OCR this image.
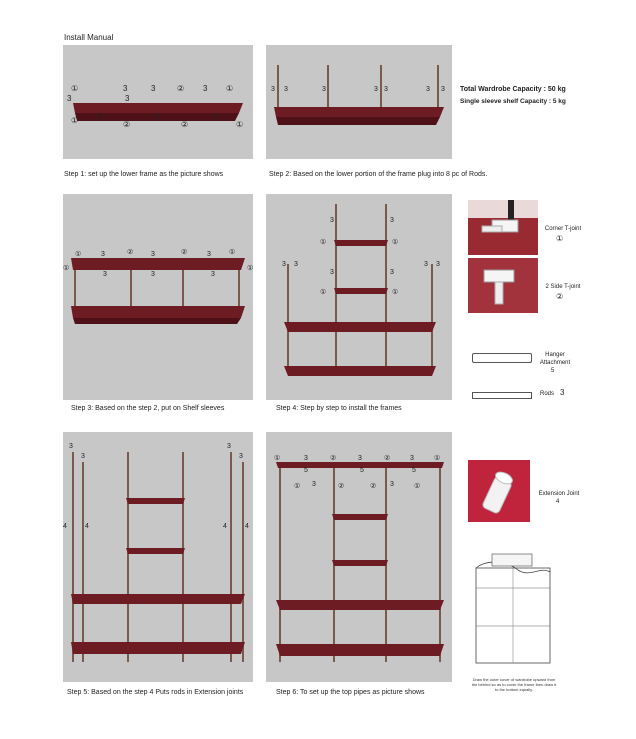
Install Manual
①	3	3	② 3 ①
① 3
②
3
②
3
①
3	3
3 3	3	3 3	3 3 Total Wardrobe Capacity : 50 kg
Single sleeve shelf Capacity : 5 kg
Step 1: set up the lower frame as the picture shows	Step 2: Based on the lower portion of the frame plug into 8 pc of Rods.
①	3	②	3	②	3	①
①	①
3	3	3
3	3
①	①
3	3
①	①
3 3	3 3
Corner T-joint
①
2 Side T-joint
②
Hanger Attachment
5
Rods 3
Step 3: Based on the step 2, put on Shelf sleeves	Step 4: Step by step to install the frames
3
3
3
3
4	4	4	4
①	3	②	3	②	3	①
5	5	5
① 3	②	② 3	①
Extension Joint
4
Draw the outer cover of wardrobe upward from the behind so as to cover the frame then draw it to the bottom equally.
Step 5: Based on the step 4 Puts rods in Extension joints	Step 6: To set up the top pipes as picture shows
